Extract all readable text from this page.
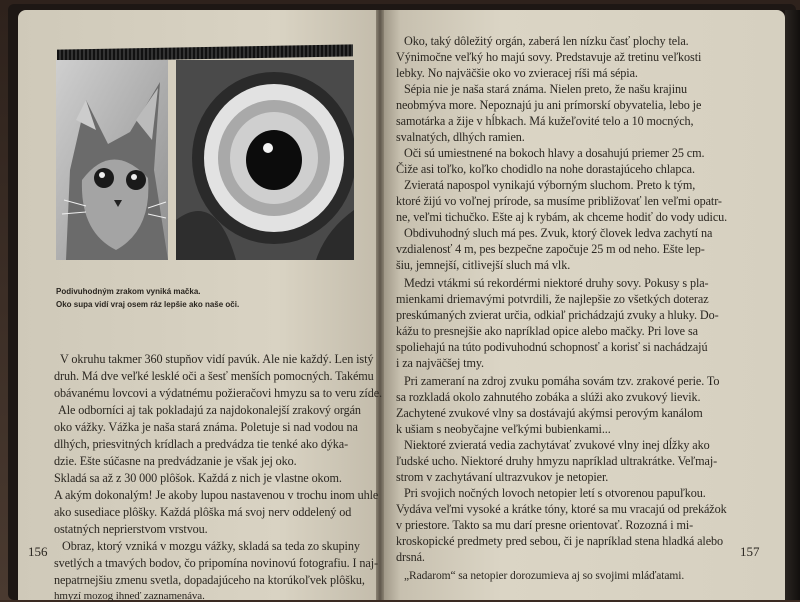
Podivuhodným zrakom vyniká mačka.
Oko supa vidí vraj osem ráz lepšie ako naše oči.
V okruhu takmer 360 stupňov vidí pavúk. Ale nie každý. Len istý
druh. Má dve veľké lesklé oči a šesť menších pomocných. Takému
obávanému lovcovi a výdatnému požieračovi hmyzu sa to veru zíde.
Ale odborníci aj tak pokladajú za najdokonalejší zrakový orgán
oko vážky. Vážka je naša stará známa. Poletuje si nad vodou na
dlhých, priesvitných krídlach a predvádza tie tenké ako dýka-
dzie. Ešte súčasne na predvádzanie je však jej oko.
Skladá sa až z 30 000 plôšok. Každá z nich je vlastne okom.
A akým dokonalým! Je akoby lupou nastavenou v trochu inom uhle
ako susediace plôšky. Každá plôška má svoj nerv oddelený od
ostatných neprierstvom vrstvou.
Obraz, ktorý vzniká v mozgu vážky, skladá sa teda zo skupiny
svetlých a tmavých bodov, čo pripomína novinovú fotografiu. I naj-
nepatrnejšiu zmenu svetla, dopadajúceho na ktorúkoľvek plôšku,
hmyzí mozog ihneď zaznamenáva.
156
Oko, taký dôležitý orgán, zaberá len nízku časť plochy tela.
Výnimočne veľký ho majú sovy. Predstavuje až tretinu veľkosti
lebky. No najväčšie oko vo zvieracej ríši má sépia.
Sépia nie je naša stará známa. Nielen preto, že našu krajinu
neobmýva more. Nepoznajú ju ani prímorskí obyvatelia, lebo je
samotárka a žije v hĺbkach. Má kužeľovité telo a 10 mocných,
svalnatých, dlhých ramien.
Oči sú umiestnené na bokoch hlavy a dosahujú priemer 25 cm.
Čiže asi toľko, koľko chodidlo na nohe dorastajúceho chlapca.
Zvieratá napospol vynikajú výborným sluchom. Preto k tým,
ktoré žijú vo voľnej prírode, sa musíme približovať len veľmi opatr-
ne, veľmi tichučko. Ešte aj k rybám, ak chceme hodiť do vody udicu.
Obdivuhodný sluch má pes. Zvuk, ktorý človek ledva zachytí na
vzdialenosť 4 m, pes bezpečne započuje 25 m od neho. Ešte lep-
šiu, jemnejší, citlivejší sluch má vlk.
Medzi vtákmi sú rekordérmi niektoré druhy sovy. Pokusy s pla-
mienkami driemavými potvrdili, že najlepšie zo všetkých doteraz
preskúmaných zvierat určia, odkiaľ prichádzajú zvuky a hluky. Do-
kážu to presnejšie ako napríklad opice alebo mačky. Pri love sa
spoliehajú na túto podivuhodnú schopnosť a korisť si nachádzajú
i za najväčšej tmy.
Pri zameraní na zdroj zvuku pomáha sovám tzv. zrakové perie. To
sa rozkladá okolo zahnutého zobáka a slúži ako zvukový lievik.
Zachytené zvukové vlny sa dostávajú akýmsi perovým kanálom
k ušiam s neobyčajne veľkými bubienkami...
Niektoré zvieratá vedia zachytávať zvukové vlny inej dĺžky ako
ľudské ucho. Niektoré druhy hmyzu napríklad ultrakrátke. Veľmaj-
strom v zachytávaní ultrazvukov je netopier.
Pri svojich nočných lovoch netopier letí s otvorenou papuľkou.
Vydáva veľmi vysoké a krátke tóny, ktoré sa mu vracajú od prekážok
v priestore. Takto sa mu darí presne orientovať. Rozozná i mi-
kroskopické predmety pred sebou, či je napríklad stena hladká alebo
drsná.
„Radarom“ sa netopier dorozumieva aj so svojimi mláďatami.
157
